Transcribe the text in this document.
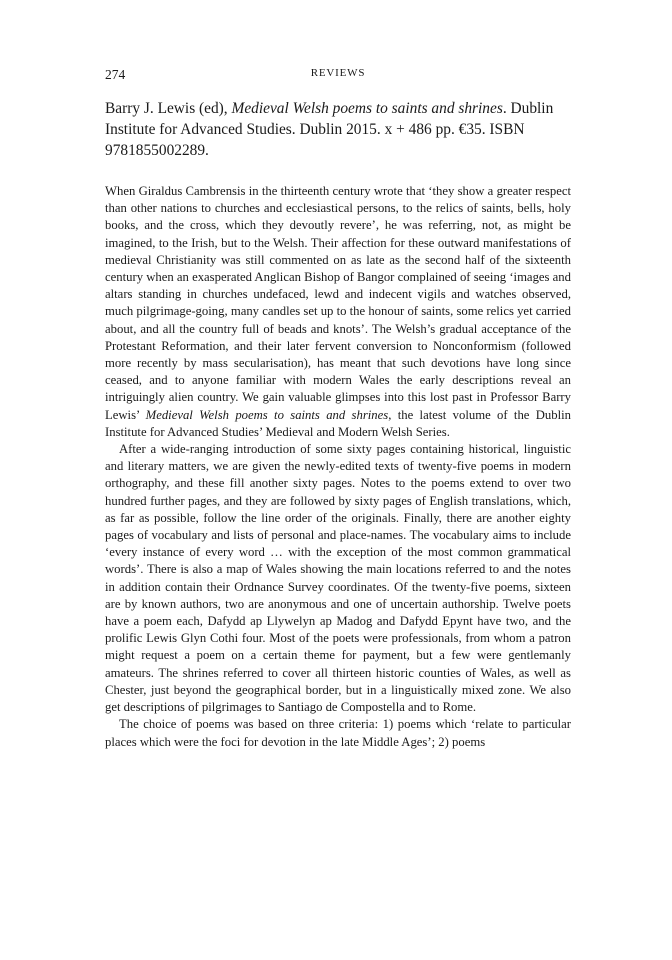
274	REVIEWS

Barry J. Lewis (ed), Medieval Welsh poems to saints and shrines. Dublin Institute for Advanced Studies. Dublin 2015. x + 486 pp. €35. ISBN 9781855002289.

When Giraldus Cambrensis in the thirteenth century wrote that ‘they show a greater respect than other nations to churches and ecclesiastical persons, to the relics of saints, bells, holy books, and the cross, which they devoutly revere’, he was referring, not, as might be imagined, to the Irish, but to the Welsh. Their affection for these outward manifestations of medieval Christianity was still commented on as late as the second half of the sixteenth century when an exasperated Anglican Bishop of Bangor complained of seeing ‘images and altars standing in churches undefaced, lewd and indecent vigils and watches observed, much pilgrimage-going, many candles set up to the honour of saints, some relics yet carried about, and all the country full of beads and knots’. The Welsh’s gradual acceptance of the Protestant Reformation, and their later fervent conversion to Nonconformism (followed more recently by mass secularisation), has meant that such devotions have long since ceased, and to anyone familiar with modern Wales the early descriptions reveal an intriguingly alien country. We gain valuable glimpses into this lost past in Professor Barry Lewis’ Medieval Welsh poems to saints and shrines, the latest volume of the Dublin Institute for Advanced Studies’ Medieval and Modern Welsh Series.

After a wide-ranging introduction of some sixty pages containing historical, linguistic and literary matters, we are given the newly-edited texts of twenty-five poems in modern orthography, and these fill another sixty pages. Notes to the poems extend to over two hundred further pages, and they are followed by sixty pages of English translations, which, as far as possible, follow the line order of the originals. Finally, there are another eighty pages of vocabulary and lists of personal and place-names. The vocabulary aims to include ‘every instance of every word … with the exception of the most common grammatical words’. There is also a map of Wales showing the main locations referred to and the notes in addition contain their Ordnance Survey coordinates. Of the twenty-five poems, sixteen are by known authors, two are anonymous and one of uncertain authorship. Twelve poets have a poem each, Dafydd ap Llywelyn ap Madog and Dafydd Epynt have two, and the prolific Lewis Glyn Cothi four. Most of the poets were professionals, from whom a patron might request a poem on a certain theme for payment, but a few were gentlemanly amateurs. The shrines referred to cover all thirteen historic counties of Wales, as well as Chester, just beyond the geographical border, but in a linguistically mixed zone. We also get descriptions of pilgrimages to Santiago de Compostella and to Rome.

The choice of poems was based on three criteria: 1) poems which ‘relate to particular places which were the foci for devotion in the late Middle Ages’; 2) poems
